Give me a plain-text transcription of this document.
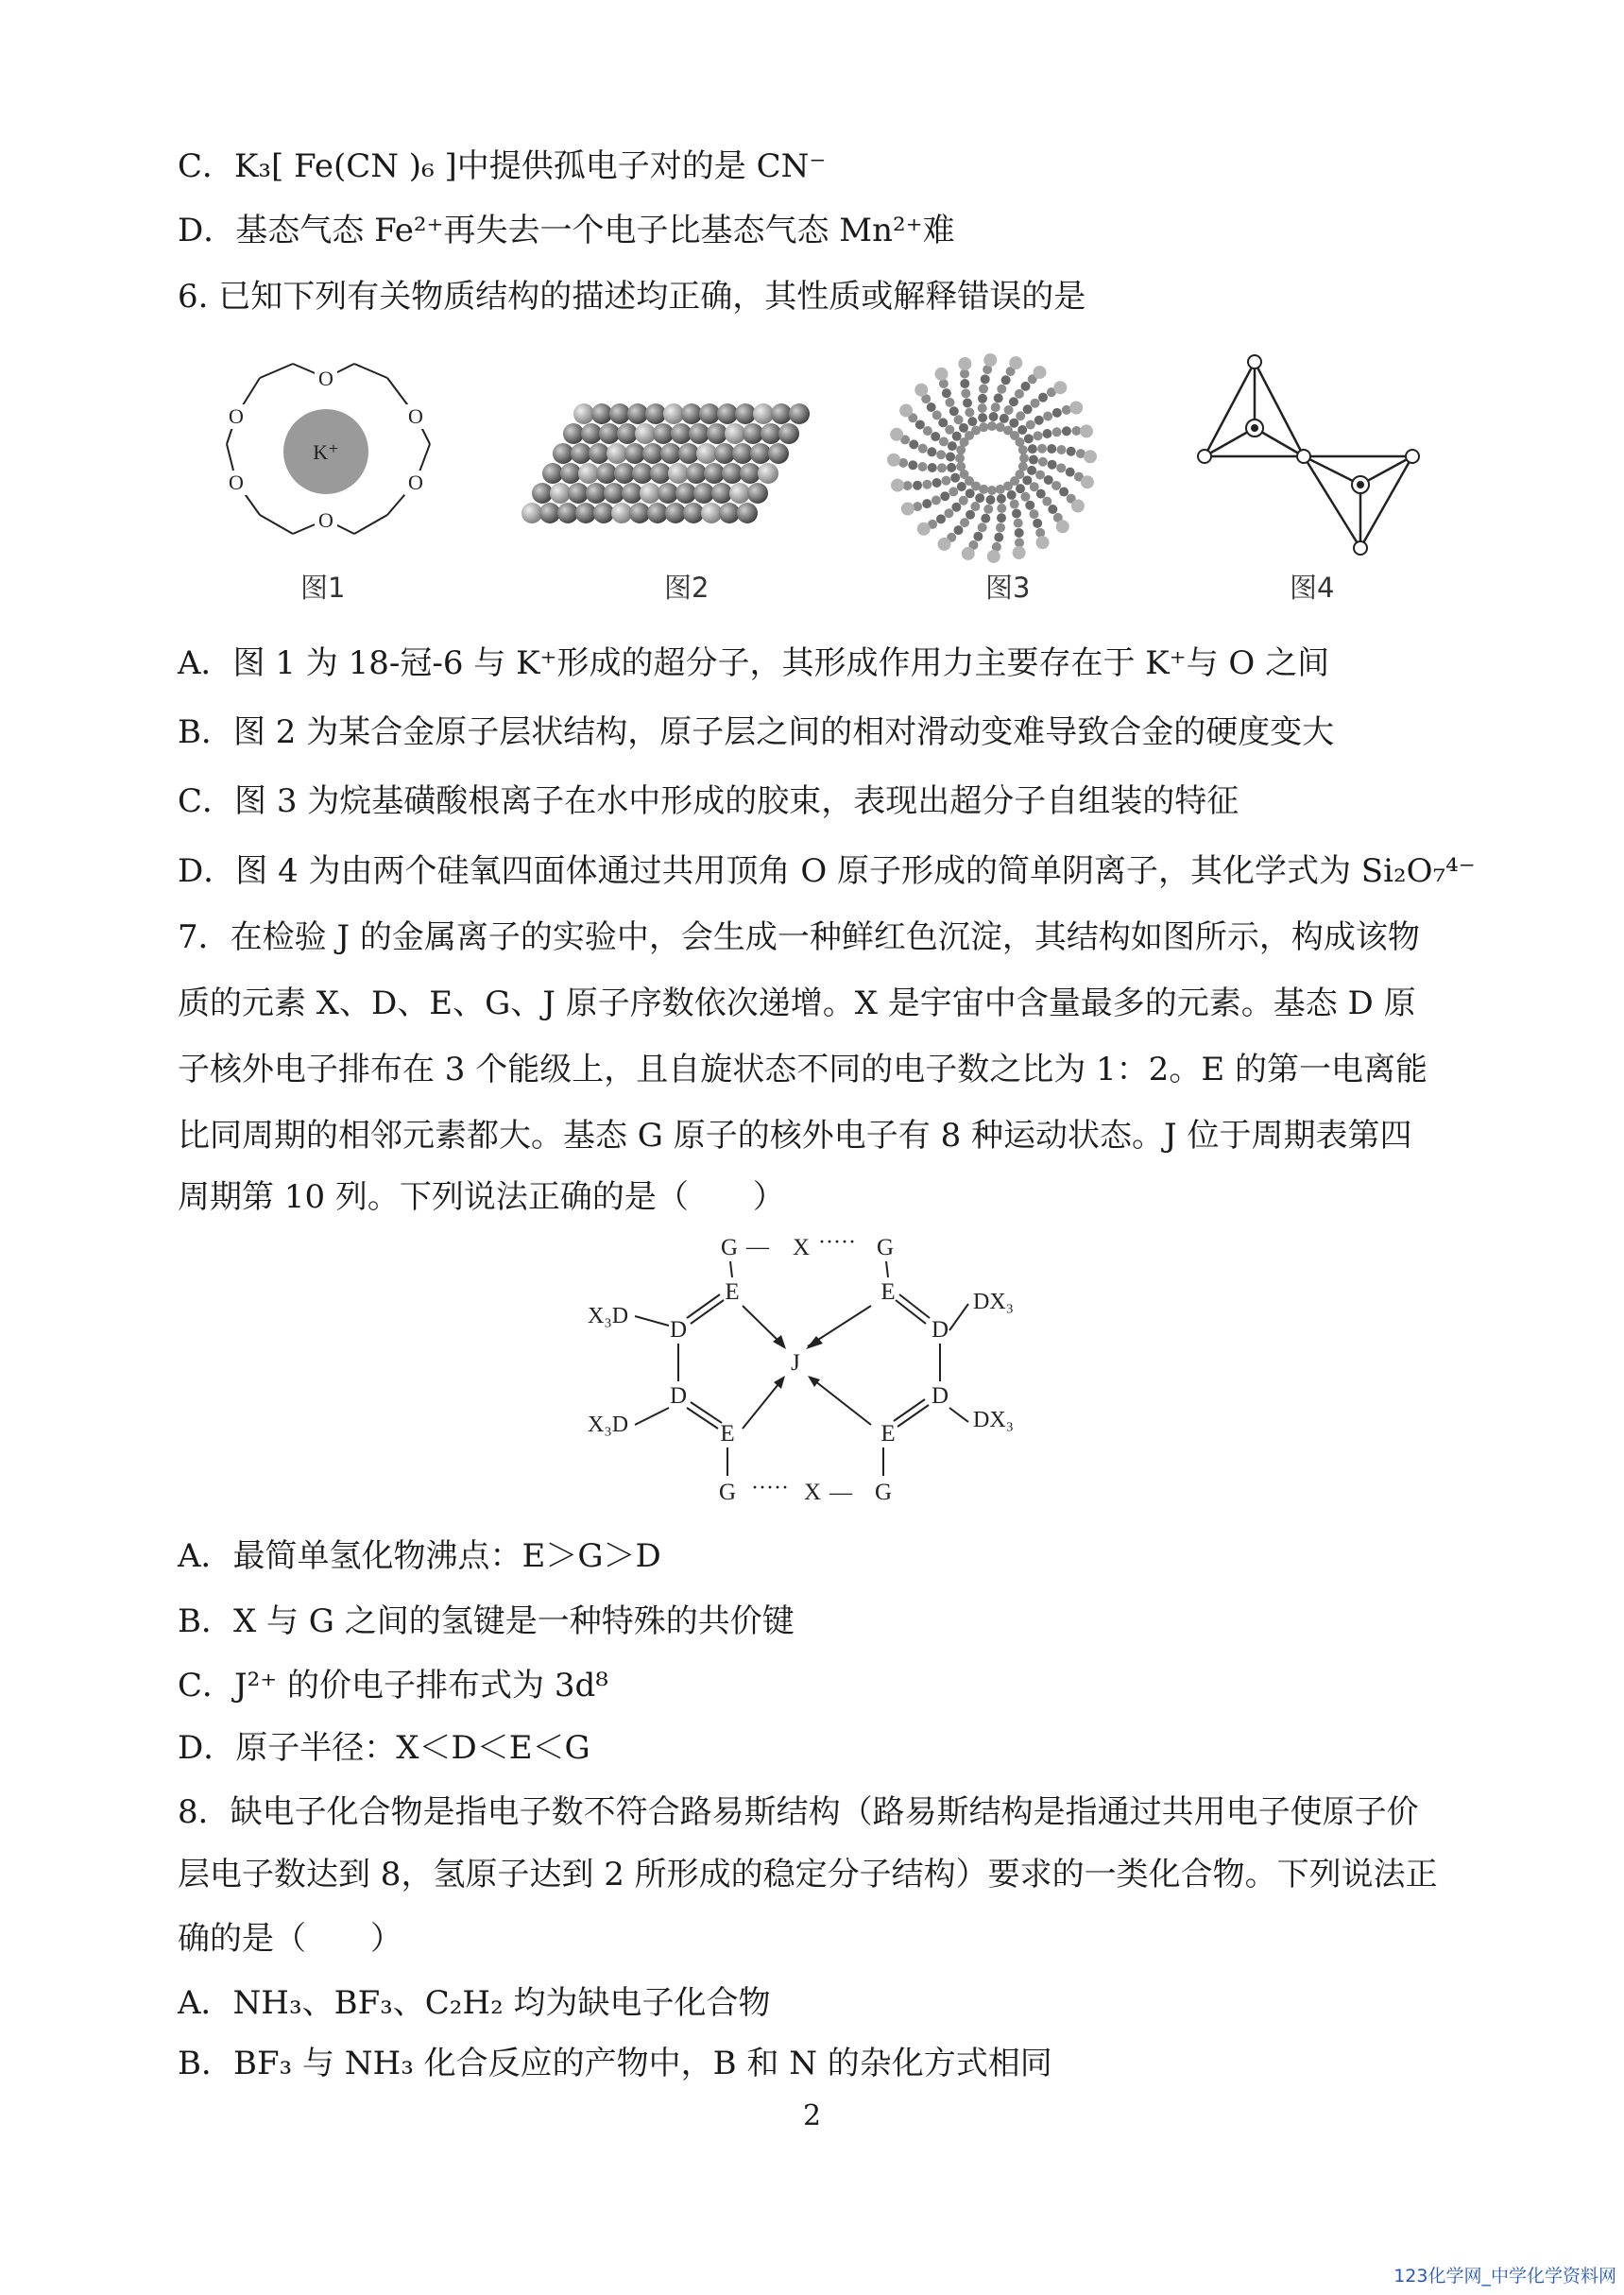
C．K₃[ Fe(CN )₆ ]中提供孤电子对的是 CN⁻
D．基态气态 Fe²⁺再失去一个电子比基态气态 Mn²⁺难
6. 已知下列有关物质结构的描述均正确，其性质或解释错误的是
O
O
O
O
O
O
K⁺
图1	图2	图3	图4
A．图 1 为 18-冠-6 与 K⁺形成的超分子，其形成作用力主要存在于 K⁺与 O 之间
B．图 2 为某合金原子层状结构，原子层之间的相对滑动变难导致合金的硬度变大
C．图 3 为烷基磺酸根离子在水中形成的胶束，表现出超分子自组装的特征
D．图 4 为由两个硅氧四面体通过共用顶角 O 原子形成的简单阴离子，其化学式为 Si₂O₇⁴⁻
7．在检验 J 的金属离子的实验中，会生成一种鲜红色沉淀，其结构如图所示，构成该物
质的元素 X、D、E、G、J 原子序数依次递增。X 是宇宙中含量最多的元素。基态 D 原
子核外电子排布在 3 个能级上，且自旋状态不同的电子数之比为 1：2。E 的第一电离能
比同周期的相邻元素都大。基态 G 原子的核外电子有 8 种运动状态。J 位于周期表第四
周期第 10 列。下列说法正确的是（　　）
G X	G
E	E
D	D
J
D	D
E	E
G	X G
X₃D
DX₃
X₃D	DX₃
— ·····
····· —
A．最简单氢化物沸点：E＞G＞D
B．X 与 G 之间的氢键是一种特殊的共价键
C．J²⁺ 的价电子排布式为 3d⁸
D．原子半径：X＜D＜E＜G
8．缺电子化合物是指电子数不符合路易斯结构（路易斯结构是指通过共用电子使原子价
层电子数达到 8，氢原子达到 2 所形成的稳定分子结构）要求的一类化合物。下列说法正
确的是（　　）
A．NH₃、BF₃、C₂H₂ 均为缺电子化合物
B．BF₃ 与 NH₃ 化合反应的产物中，B 和 N 的杂化方式相同
2
123化学网_中学化学资料网
